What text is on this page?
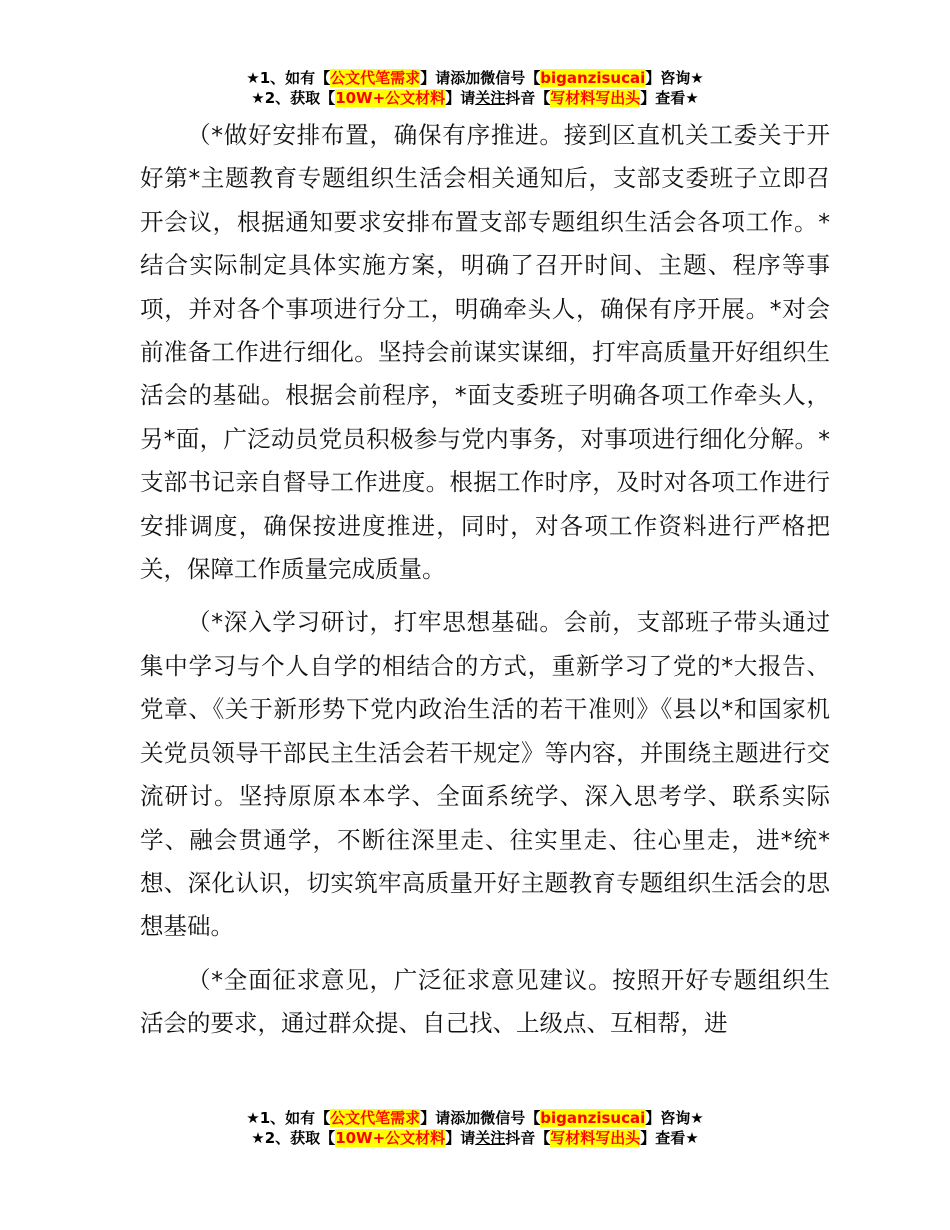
★1、如有【公文代笔需求】请添加微信号【biganzisucai】咨询★
★2、获取【10W+公文材料】请关注抖音【写材料写出头】查看★

（*做好安排布置，确保有序推进。接到区直机关工委关于开好第*主题教育专题组织生活会相关通知后，支部支委班子立即召开会议，根据通知要求安排布置支部专题组织生活会各项工作。*结合实际制定具体实施方案，明确了召开时间、主题、程序等事项，并对各个事项进行分工，明确牵头人，确保有序开展。*对会前准备工作进行细化。坚持会前谋实谋细，打牢高质量开好组织生活会的基础。根据会前程序，*面支委班子明确各项工作牵头人，另*面，广泛动员党员积极参与党内事务，对事项进行细化分解。*支部书记亲自督导工作进度。根据工作时序，及时对各项工作进行安排调度，确保按进度推进，同时，对各项工作资料进行严格把关，保障工作质量完成质量。

（*深入学习研讨，打牢思想基础。会前，支部班子带头通过集中学习与个人自学的相结合的方式，重新学习了党的*大报告、党章、《关于新形势下党内政治生活的若干准则》《县以*和国家机关党员领导干部民主生活会若干规定》等内容，并围绕主题进行交流研讨。坚持原原本本学、全面系统学、深入思考学、联系实际学、融会贯通学，不断往深里走、往实里走、往心里走，进*统*想、深化认识，切实筑牢高质量开好主题教育专题组织生活会的思想基础。

（*全面征求意见，广泛征求意见建议。按照开好专题组织生活会的要求，通过群众提、自己找、上级点、互相帮，进

★1、如有【公文代笔需求】请添加微信号【biganzisucai】咨询★
★2、获取【10W+公文材料】请关注抖音【写材料写出头】查看★
